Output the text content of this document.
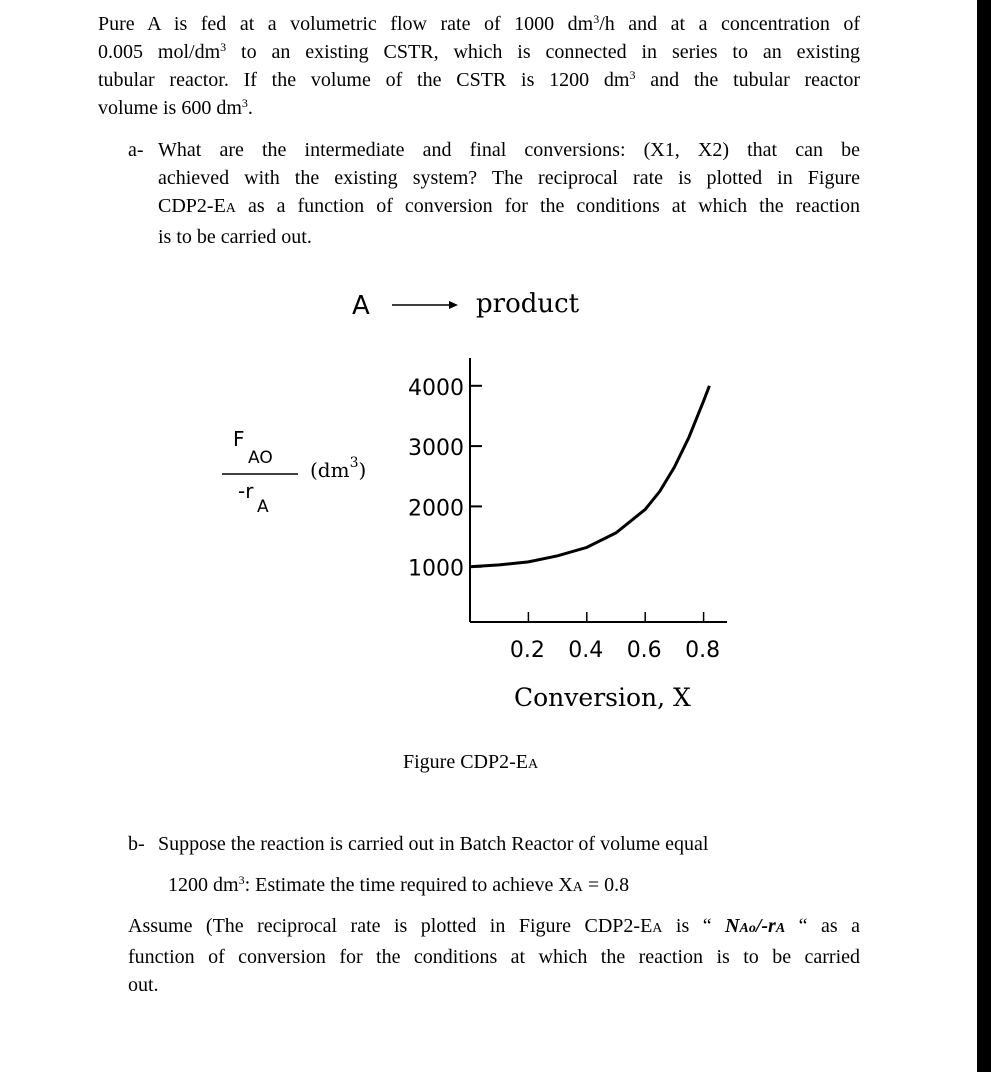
Pure A is fed at a volumetric flow rate of 1000 $dm^3/h$ and at a concentration of
0.005 mol/$dm^3$ to an existing CSTR, which is connected in series to an existing
tubular reactor. If the volume of the CSTR is 1200 $dm^3$ and the tubular reactor
volume is 600 $dm^3$.
a- What are the intermediate and final conversions: (X1, X2) that can be
achieved with the existing system? The reciprocal rate is plotted in Figure
CDP2-EA as a function of conversion for the conditions at which the reaction
is to be carried out.
A	product
F
AO
-r
A
$(dm^3)$
1000
2000
3000
4000
0.2 0.4 0.6 0.8
Conversion, X
Figure CDP2-EA
b- Suppose the reaction is carried out in Batch Reactor of volume equal
1200 $dm^3$: Estimate the time required to achieve XA = 0.8
Assume (The reciprocal rate is plotted in Figure CDP2-EA is “ NAo/-rA “ as a
function of conversion for the conditions at which the reaction is to be carried
out.
